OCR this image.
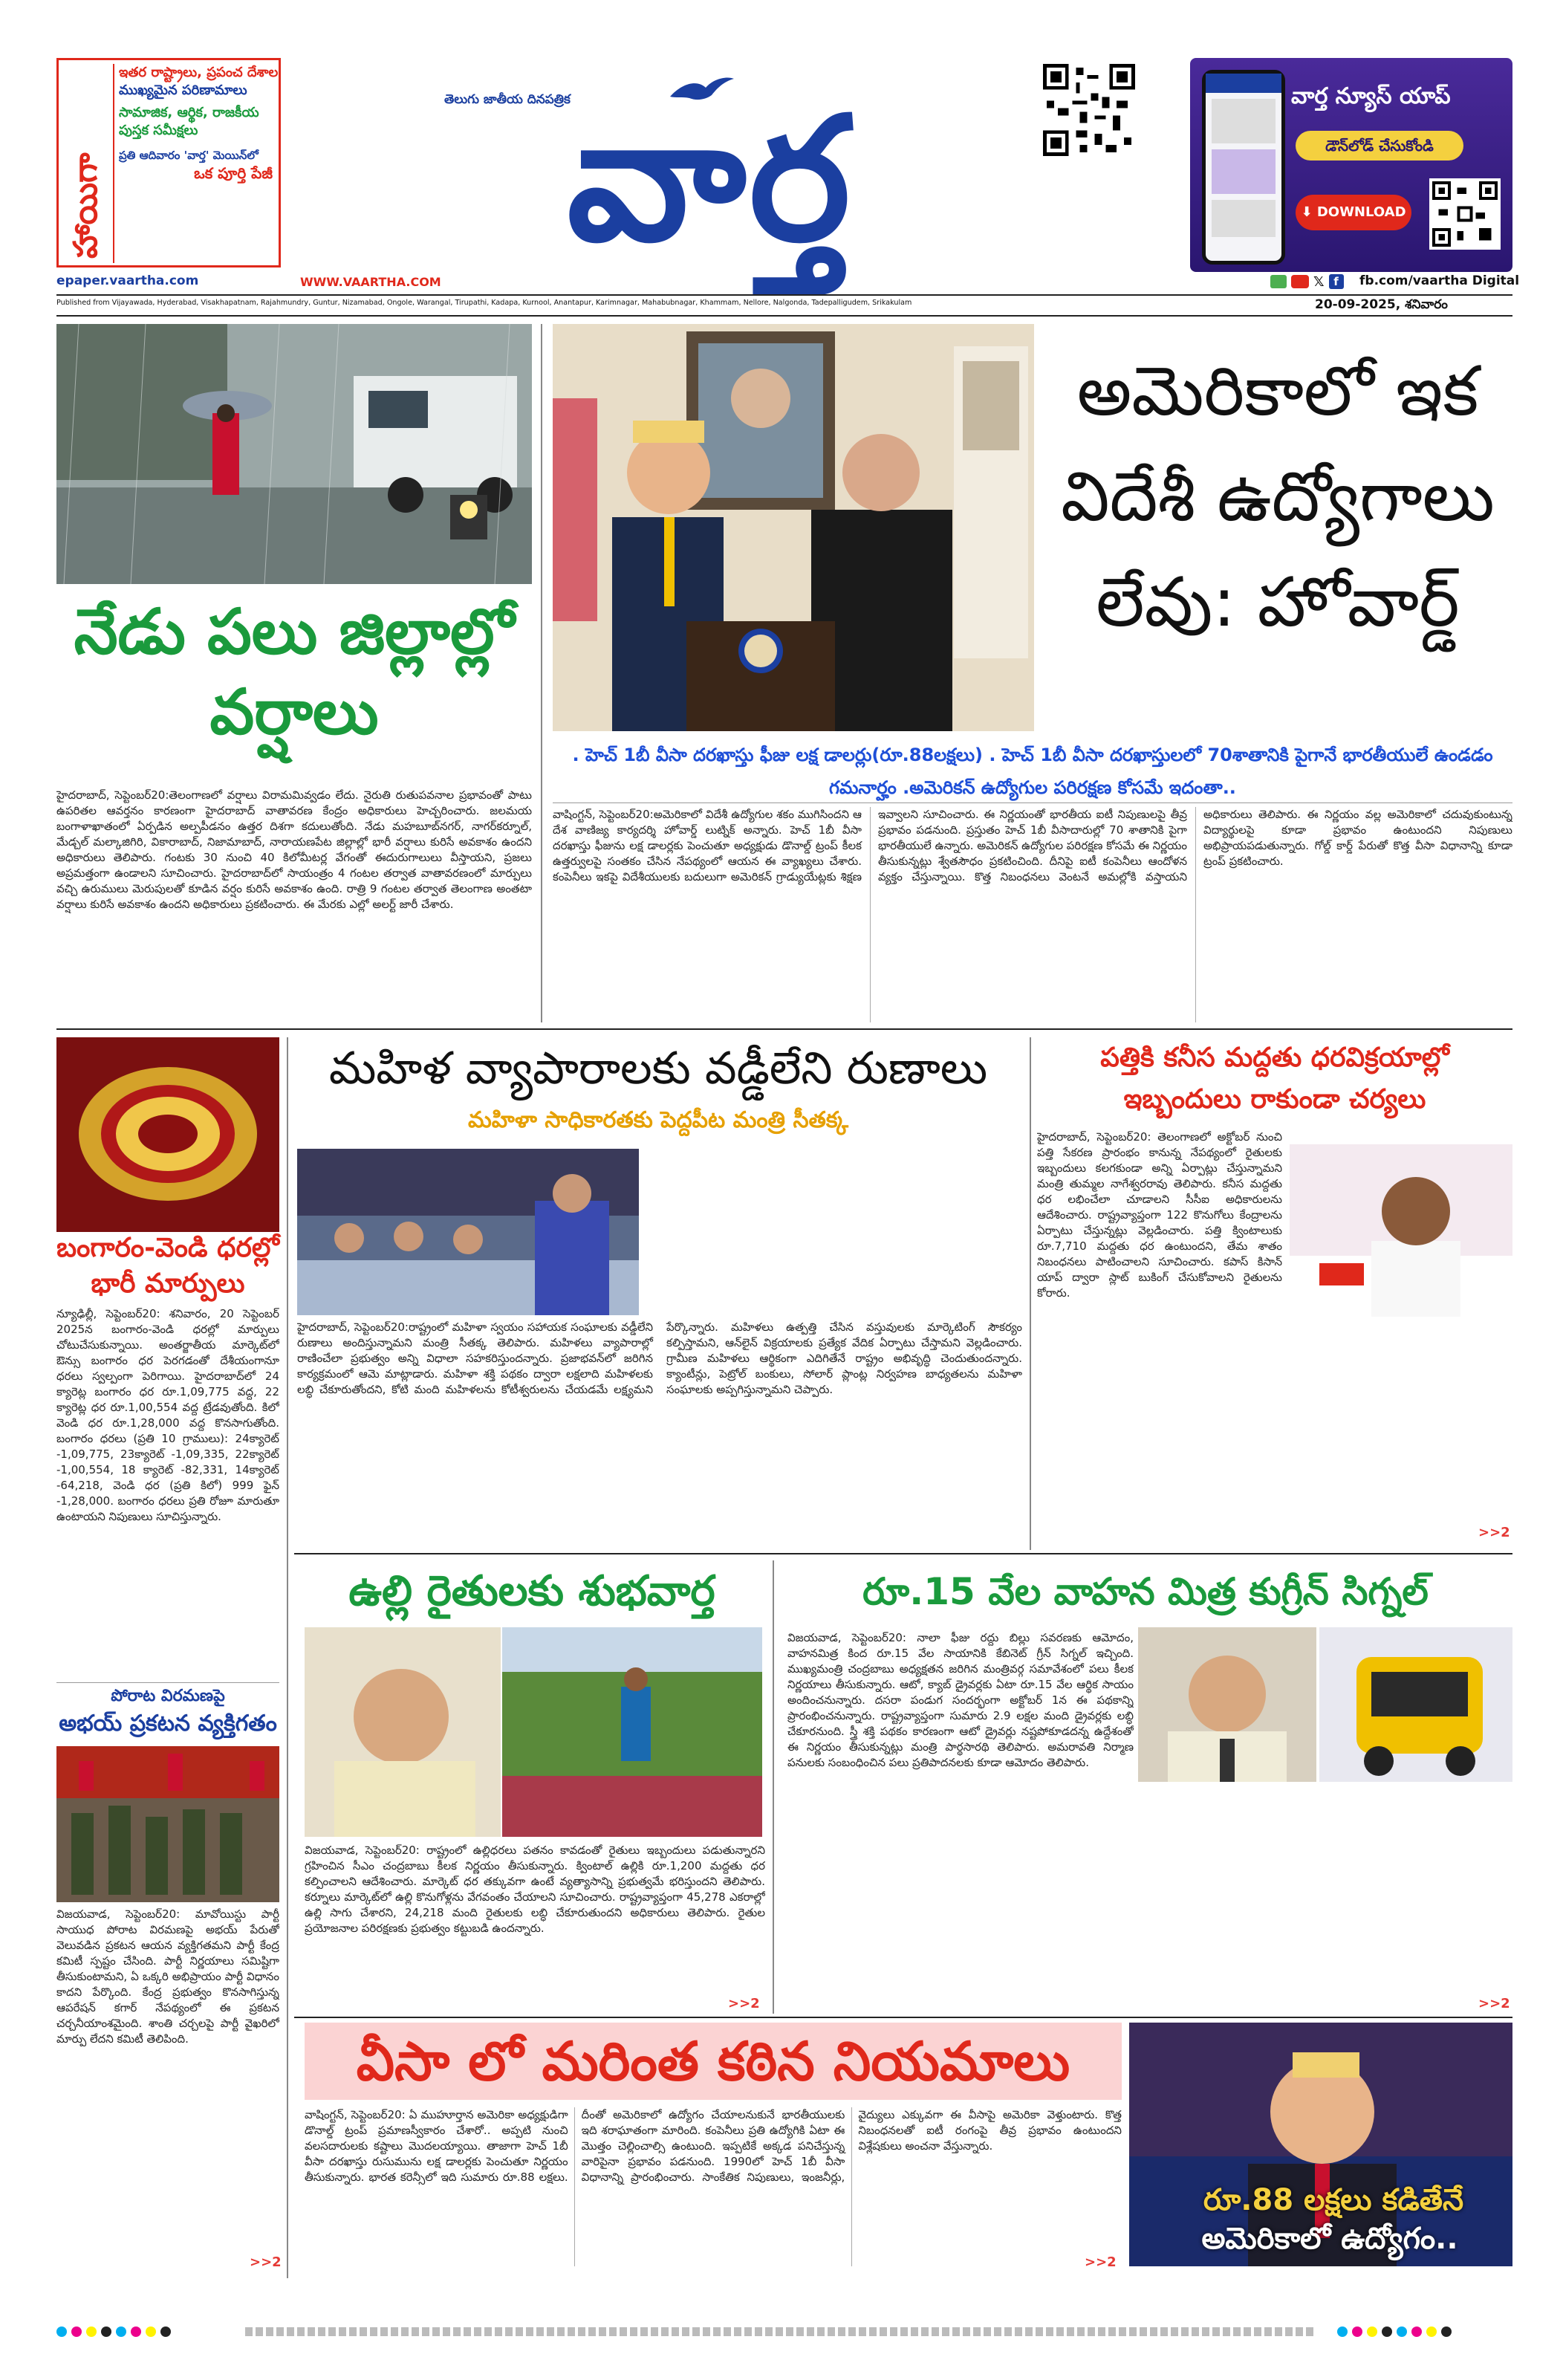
హాయిగా
ఇతర రాష్ట్రాలు, ప్రపంచ దేశాల
ముఖ్యమైన పరిణామాలు
సామాజిక, ఆర్థిక, రాజకీయ
పుస్తక సమీక్షలు
ప్రతి ఆదివారం 'వార్త' మెయిన్‌లో
ఒక పూర్తి పేజీ
epaper.vaartha.com	WWW.VAARTHA.COM
తెలుగు జాతీయ దినపత్రిక
వార్త	వార్త న్యూస్ యాప్
డౌన్‌లోడ్ చేసుకోండి
⬇ DOWNLOAD
𝕏 f	fb.com/vaartha Digital
Published from Vijayawada, Hyderabad, Visakhapatnam, Rajahmundry, Guntur, Nizamabad, Ongole, Warangal, Tirupathi, Kadapa, Kurnool, Anantapur, Karimnagar, Mahabubnagar, Khammam, Nellore, Nalgonda, Tadepalligudem, Srikakulam	20-09-2025, శనివారం
నేడు పలు జిల్లాల్లో వర్షాలు
హైదరాబాద్, సెప్టెంబర్20:తెలంగాణలో వర్షాలు విరామమివ్వడం లేదు. నైరుతి రుతుపవనాల ప్రభావంతో పాటు ఉపరితల ఆవర్తనం కారణంగా హైదరాబాద్ వాతావరణ కేంద్రం అధికారులు హెచ్చరించారు. జలమయ బంగాళాఖాతంలో ఏర్పడిన అల్పపీడనం ఉత్తర దిశగా కదులుతోంది. నేడు మహబూబ్‌నగర్, నాగర్‌కర్నూల్, మేడ్చల్ మల్కాజిగిరి, వికారాబాద్, నిజామాబాద్, నారాయణపేట జిల్లాల్లో భారీ వర్షాలు కురిసే అవకాశం ఉందని అధికారులు తెలిపారు. గంటకు 30 నుంచి 40 కిలోమీటర్ల వేగంతో ఈదురుగాలులు వీస్తాయని, ప్రజలు అప్రమత్తంగా ఉండాలని సూచించారు. హైదరాబాద్‌లో సాయంత్రం 4 గంటల తర్వాత వాతావరణంలో మార్పులు వచ్చి ఉరుములు మెరుపులతో కూడిన వర్షం కురిసే అవకాశం ఉంది. రాత్రి 9 గంటల తర్వాత తెలంగాణ అంతటా వర్షాలు కురిసే అవకాశం ఉందని అధికారులు ప్రకటించారు. ఈ మేరకు ఎల్లో అలర్ట్ జారీ చేశారు.
అమెరికాలో ఇక విదేశీ ఉద్యోగాలు లేవు: హోవార్డ్
. హెచ్ 1బీ వీసా దరఖాస్తు ఫీజు లక్ష డాలర్లు(రూ.88లక్షలు) . హెచ్ 1బీ వీసా దరఖాస్తులలో 70శాతానికి పైగానే భారతీయులే ఉండడం గమనార్హం .అమెరికన్ ఉద్యోగుల పరిరక్షణ కోసమే ఇదంతా..
వాషింగ్టన్, సెప్టెంబర్20:అమెరికాలో విదేశీ ఉద్యోగుల శకం ముగిసిందని ఆ దేశ వాణిజ్య కార్యదర్శి హోవార్డ్ లుట్నిక్ అన్నారు. హెచ్ 1బీ వీసా దరఖాస్తు ఫీజును లక్ష డాలర్లకు పెంచుతూ అధ్యక్షుడు డొనాల్డ్ ట్రంప్ కీలక ఉత్తర్వులపై సంతకం చేసిన నేపథ్యంలో ఆయన ఈ వ్యాఖ్యలు చేశారు. కంపెనీలు ఇకపై విదేశీయులకు బదులుగా అమెరికన్ గ్రాడ్యుయేట్లకు శిక్షణ ఇవ్వాలని సూచించారు. ఈ నిర్ణయంతో భారతీయ ఐటీ నిపుణులపై తీవ్ర ప్రభావం పడనుంది. ప్రస్తుతం హెచ్ 1బీ వీసాదారుల్లో 70 శాతానికి పైగా భారతీయులే ఉన్నారు. అమెరికన్ ఉద్యోగుల పరిరక్షణ కోసమే ఈ నిర్ణయం తీసుకున్నట్లు శ్వేతసౌధం ప్రకటించింది. దీనిపై ఐటీ కంపెనీలు ఆందోళన వ్యక్తం చేస్తున్నాయి. కొత్త నిబంధనలు వెంటనే అమల్లోకి వస్తాయని అధికారులు తెలిపారు. ఈ నిర్ణయం వల్ల అమెరికాలో చదువుకుంటున్న విద్యార్థులపై కూడా ప్రభావం ఉంటుందని నిపుణులు అభిప్రాయపడుతున్నారు. గోల్డ్ కార్డ్ పేరుతో కొత్త వీసా విధానాన్ని కూడా ట్రంప్ ప్రకటించారు.
బంగారం-వెండి ధరల్లో భారీ మార్పులు
న్యూఢిల్లీ, సెప్టెంబర్20: శనివారం, 20 సెప్టెంబర్ 2025న బంగారం-వెండి ధరల్లో మార్పులు చోటుచేసుకున్నాయి. అంతర్జాతీయ మార్కెట్‌లో ఔన్సు బంగారం ధర పెరగడంతో దేశీయంగానూ ధరలు స్వల్పంగా పెరిగాయి. హైదరాబాద్‌లో 24 క్యారెట్ల బంగారం ధర రూ.1,09,775 వద్ద, 22 క్యారెట్ల ధర రూ.1,00,554 వద్ద ట్రేడవుతోంది. కిలో వెండి ధర రూ.1,28,000 వద్ద కొనసాగుతోంది. బంగారం ధరలు (ప్రతి 10 గ్రాములు): 24క్యారెట్ -1,09,775, 23క్యారెట్ -1,09,335, 22క్యారెట్ -1,00,554, 18 క్యారెట్ -82,331, 14క్యారెట్ -64,218, వెండి ధర (ప్రతి కిలో) 999 ఫైన్ -1,28,000. బంగారం ధరలు ప్రతి రోజూ మారుతూ ఉంటాయని నిపుణులు సూచిస్తున్నారు.
పోరాట విరమణపై
అభయ్ ప్రకటన వ్యక్తిగతం
విజయవాడ, సెప్టెంబర్20: మావోయిస్టు పార్టీ సాయుధ పోరాట విరమణపై అభయ్ పేరుతో వెలువడిన ప్రకటన ఆయన వ్యక్తిగతమని పార్టీ కేంద్ర కమిటీ స్పష్టం చేసింది. పార్టీ నిర్ణయాలు సమిష్టిగా తీసుకుంటామని, ఏ ఒక్కరి అభిప్రాయం పార్టీ విధానం కాదని పేర్కొంది. కేంద్ర ప్రభుత్వం కొనసాగిస్తున్న ఆపరేషన్ కగార్ నేపథ్యంలో ఈ ప్రకటన చర్చనీయాంశమైంది. శాంతి చర్చలపై పార్టీ వైఖరిలో మార్పు లేదని కమిటీ తెలిపింది.
>>2
మహిళ వ్యాపారాలకు వడ్డీలేని రుణాలు
మహిళా సాధికారతకు పెద్దపీట మంత్రి సీతక్క
హైదరాబాద్, సెప్టెంబర్20:రాష్ట్రంలో మహిళా స్వయం సహాయక సంఘాలకు వడ్డీలేని రుణాలు అందిస్తున్నామని మంత్రి సీతక్క తెలిపారు. మహిళలు వ్యాపారాల్లో రాణించేలా ప్రభుత్వం అన్ని విధాలా సహకరిస్తుందన్నారు. ప్రజాభవన్‌లో జరిగిన కార్యక్రమంలో ఆమె మాట్లాడారు. మహిళా శక్తి పథకం ద్వారా లక్షలాది మహిళలకు లబ్ధి చేకూరుతోందని, కోటి మంది మహిళలను కోటీశ్వరులను చేయడమే లక్ష్యమని పేర్కొన్నారు. మహిళలు ఉత్పత్తి చేసిన వస్తువులకు మార్కెటింగ్ సౌకర్యం కల్పిస్తామని, ఆన్‌లైన్ విక్రయాలకు ప్రత్యేక వేదిక ఏర్పాటు చేస్తామని వెల్లడించారు. గ్రామీణ మహిళలు ఆర్థికంగా ఎదిగితేనే రాష్ట్రం అభివృద్ధి చెందుతుందన్నారు. క్యాంటీన్లు, పెట్రోల్ బంకులు, సోలార్ ప్లాంట్ల నిర్వహణ బాధ్యతలను మహిళా సంఘాలకు అప్పగిస్తున్నామని చెప్పారు.
పత్తికి కనీస మద్దతు ధరవిక్రయాల్లో ఇబ్బందులు రాకుండా చర్యలు
హైదరాబాద్, సెప్టెంబర్20: తెలంగాణలో అక్టోబర్ నుంచి పత్తి సేకరణ ప్రారంభం కానున్న నేపథ్యంలో రైతులకు ఇబ్బందులు కలగకుండా అన్ని ఏర్పాట్లు చేస్తున్నామని మంత్రి తుమ్మల నాగేశ్వరరావు తెలిపారు. కనీస మద్దతు ధర లభించేలా చూడాలని సీసీఐ అధికారులను ఆదేశించారు. రాష్ట్రవ్యాప్తంగా 122 కొనుగోలు కేంద్రాలను ఏర్పాటు చేస్తున్నట్లు వెల్లడించారు. పత్తి క్వింటాలుకు రూ.7,710 మద్దతు ధర ఉంటుందని, తేమ శాతం నిబంధనలు పాటించాలని సూచించారు. కపాస్ కిసాన్ యాప్ ద్వారా స్లాట్ బుకింగ్ చేసుకోవాలని రైతులను కోరారు.
>>2
ఉల్లి రైతులకు శుభవార్త
విజయవాడ, సెప్టెంబర్20: రాష్ట్రంలో ఉల్లిధరలు పతనం కావడంతో రైతులు ఇబ్బందులు పడుతున్నారని గ్రహించిన సీఎం చంద్రబాబు కీలక నిర్ణయం తీసుకున్నారు. క్వింటాల్ ఉల్లికి రూ.1,200 మద్దతు ధర కల్పించాలని ఆదేశించారు. మార్కెట్ ధర తక్కువగా ఉంటే వ్యత్యాసాన్ని ప్రభుత్వమే భరిస్తుందని తెలిపారు. కర్నూలు మార్కెట్‌లో ఉల్లి కొనుగోళ్లను వేగవంతం చేయాలని సూచించారు. రాష్ట్రవ్యాప్తంగా 45,278 ఎకరాల్లో ఉల్లి సాగు చేశారని, 24,218 మంది రైతులకు లబ్ధి చేకూరుతుందని అధికారులు తెలిపారు. రైతుల ప్రయోజనాల పరిరక్షణకు ప్రభుత్వం కట్టుబడి ఉందన్నారు.
>>2
రూ.15 వేల వాహన మిత్ర కుగ్రీన్ సిగ్నల్
విజయవాడ, సెప్టెంబర్20: నాలా ఫీజు రద్దు బిల్లు సవరణకు ఆమోదం, వాహనమిత్ర కింద రూ.15 వేల సాయానికి కేబినెట్ గ్రీన్ సిగ్నల్ ఇచ్చింది. ముఖ్యమంత్రి చంద్రబాబు అధ్యక్షతన జరిగిన మంత్రివర్గ సమావేశంలో పలు కీలక నిర్ణయాలు తీసుకున్నారు. ఆటో, క్యాబ్ డ్రైవర్లకు ఏటా రూ.15 వేల ఆర్థిక సాయం అందించనున్నారు. దసరా పండుగ సందర్భంగా అక్టోబర్ 1న ఈ పథకాన్ని ప్రారంభించనున్నారు. రాష్ట్రవ్యాప్తంగా సుమారు 2.9 లక్షల మంది డ్రైవర్లకు లబ్ధి చేకూరనుంది. స్త్రీ శక్తి పథకం కారణంగా ఆటో డ్రైవర్లు నష్టపోకూడదన్న ఉద్దేశంతో ఈ నిర్ణయం తీసుకున్నట్లు మంత్రి పార్థసారథి తెలిపారు. అమరావతి నిర్మాణ పనులకు సంబంధించిన పలు ప్రతిపాదనలకు కూడా ఆమోదం తెలిపారు.
>>2
వీసా లో మరింత కఠిన నియమాలు
వాషింగ్టన్, సెప్టెంబర్20: ఏ ముహూర్తాన అమెరికా అధ్యక్షుడిగా డొనాల్డ్ ట్రంప్ ప్రమాణస్వీకారం చేశారో.. అప్పటి నుంచి వలసదారులకు కష్టాలు మొదలయ్యాయి. తాజాగా హెచ్ 1బీ వీసా దరఖాస్తు రుసుమును లక్ష డాలర్లకు పెంచుతూ నిర్ణయం తీసుకున్నారు. భారత కరెన్సీలో ఇది సుమారు రూ.88 లక్షలు. దీంతో అమెరికాలో ఉద్యోగం చేయాలనుకునే భారతీయులకు ఇది శరాఘాతంగా మారింది. కంపెనీలు ప్రతి ఉద్యోగికి ఏటా ఈ మొత్తం చెల్లించాల్సి ఉంటుంది. ఇప్పటికే అక్కడ పనిచేస్తున్న వారిపైనా ప్రభావం పడనుంది. 1990లో హెచ్ 1బీ వీసా విధానాన్ని ప్రారంభించారు. సాంకేతిక నిపుణులు, ఇంజనీర్లు, వైద్యులు ఎక్కువగా ఈ వీసాపై అమెరికా వెళ్తుంటారు. కొత్త నిబంధనలతో ఐటీ రంగంపై తీవ్ర ప్రభావం ఉంటుందని విశ్లేషకులు అంచనా వేస్తున్నారు.
>>2
రూ.88 లక్షలు కడితేనే
అమెరికాలో ఉద్యోగం..
